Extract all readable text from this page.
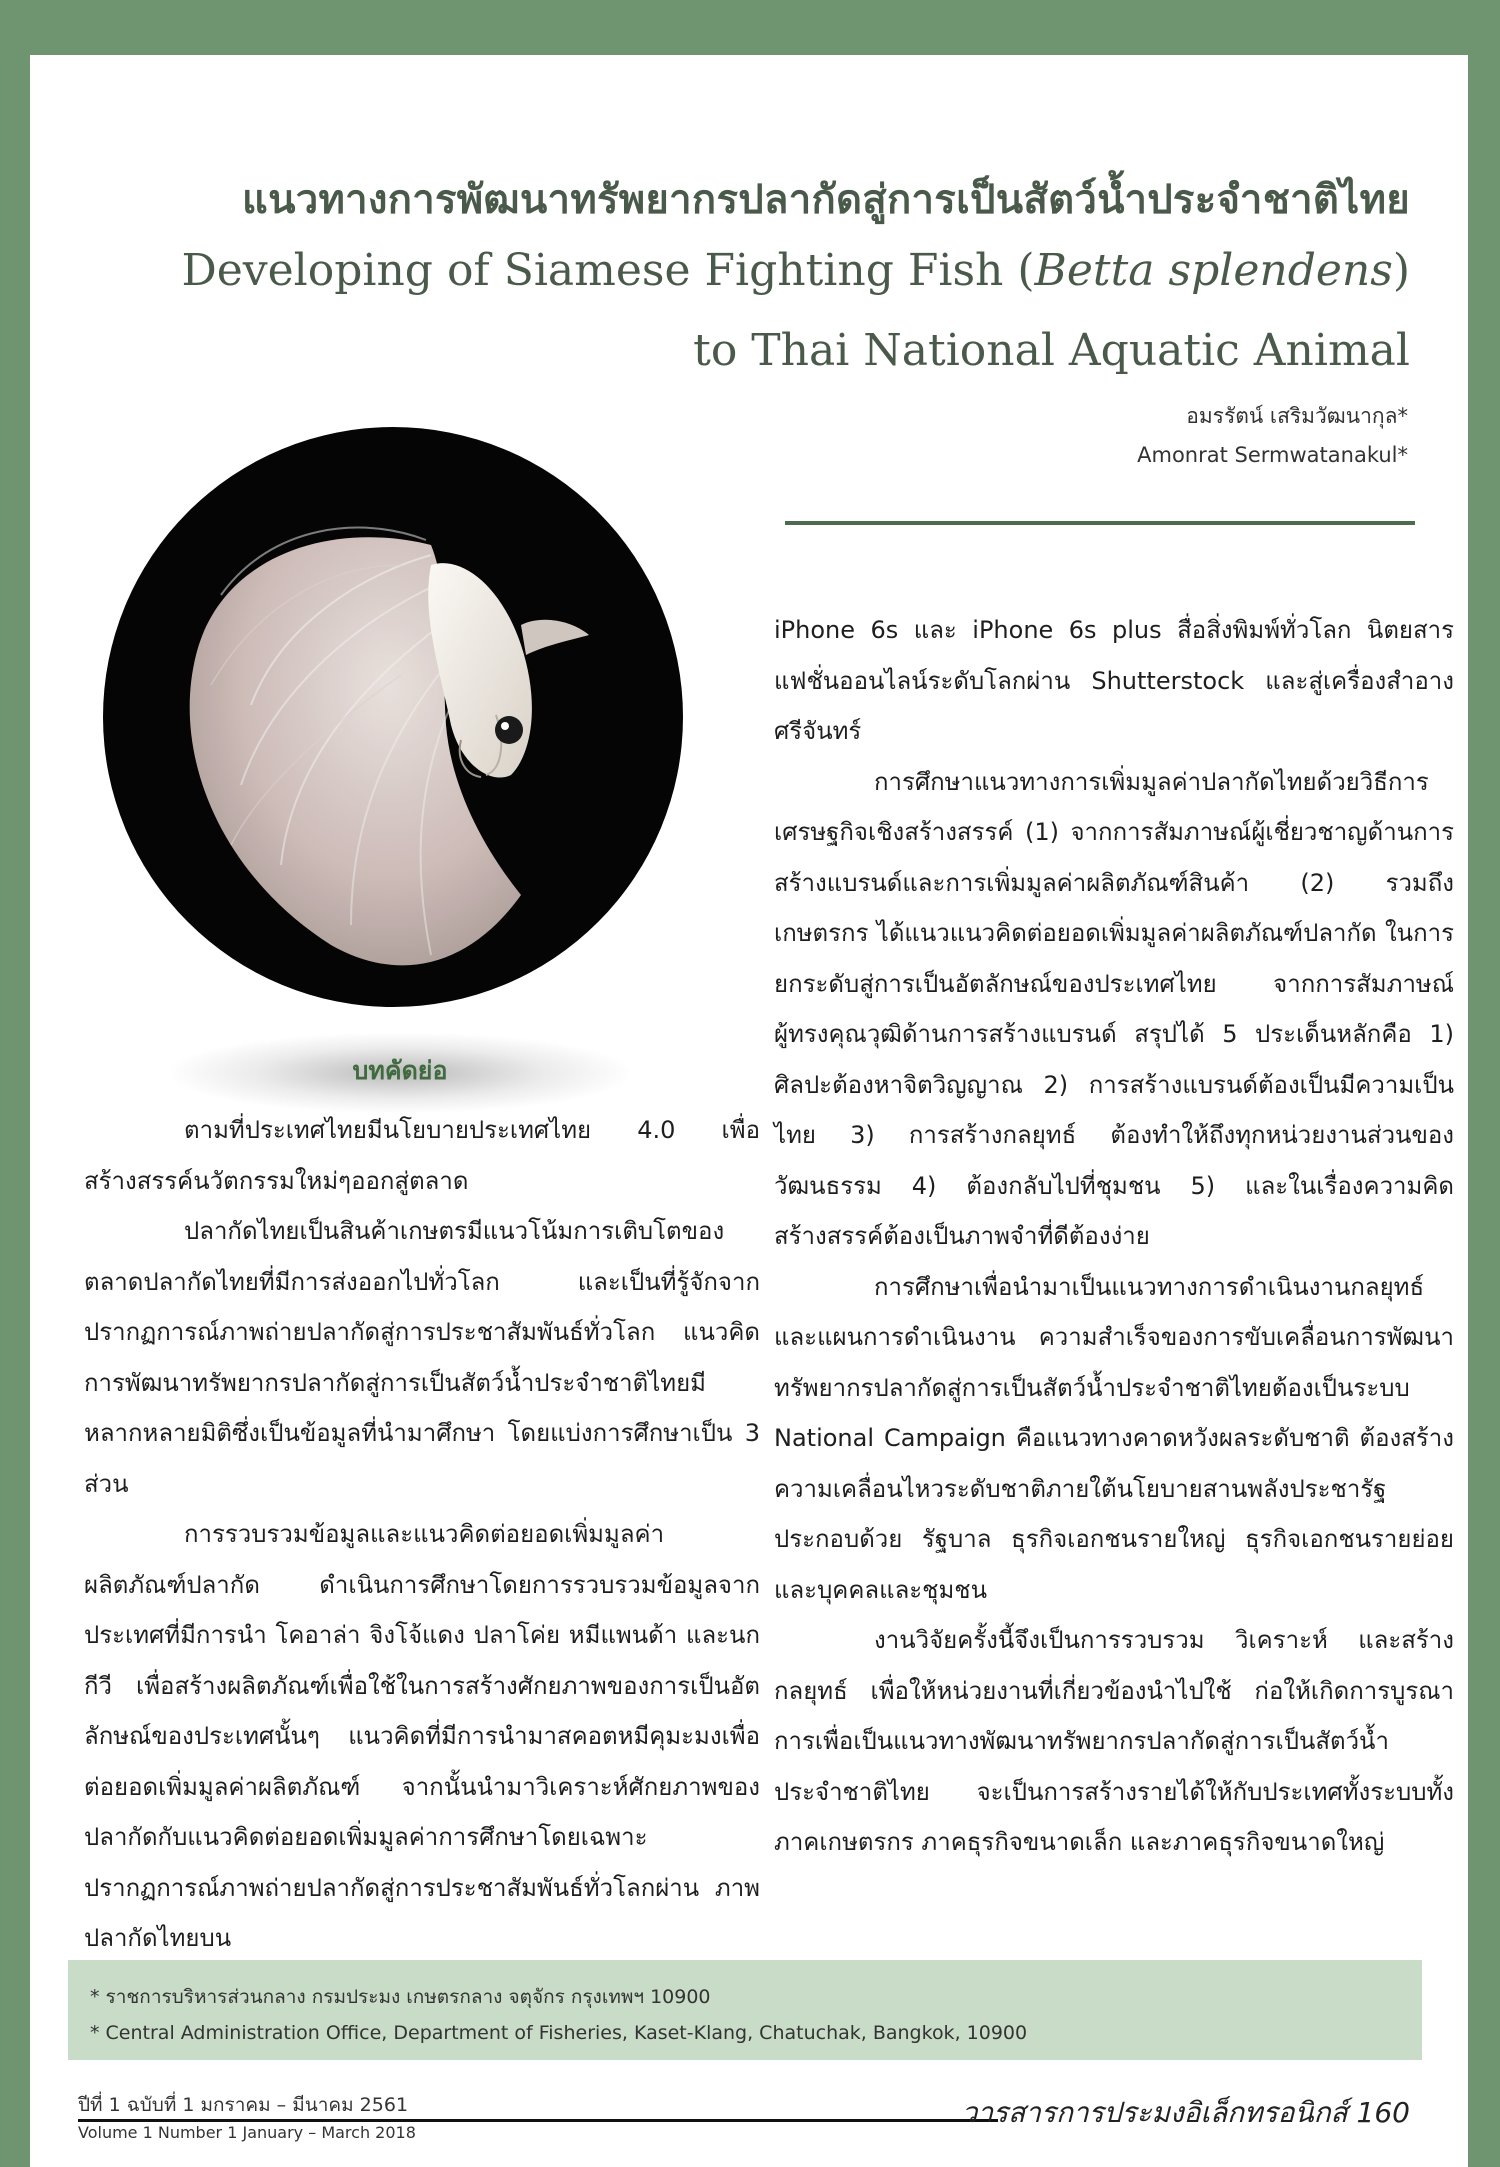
แนวทางการพัฒนาทรัพยากรปลากัดสู่การเป็นสัตว์น้ำประจำชาติไทย
Developing of Siamese Fighting Fish (Betta splendens)
to Thai National Aquatic Animal
อมรรัตน์ เสริมวัฒนากุล*
Amonrat Sermwatanakul*
บทคัดย่อ

ตามที่ประเทศไทยมีนโยบายประเทศไทย 4.0 เพื่อสร้างสรรค์นวัตกรรมใหม่ๆออกสู่ตลาด

ปลากัดไทยเป็นสินค้าเกษตรมีแนวโน้มการเติบโตของตลาดปลากัดไทยที่มีการส่งออกไปทั่วโลก และเป็นที่รู้จักจากปรากฏการณ์ภาพถ่ายปลากัดสู่การประชาสัมพันธ์ทั่วโลก แนวคิดการพัฒนาทรัพยากรปลากัดสู่การเป็นสัตว์น้ำประจำชาติไทยมีหลากหลายมิติซึ่งเป็นข้อมูลที่นำมาศึกษา โดยแบ่งการศึกษาเป็น 3 ส่วน

การรวบรวมข้อมูลและแนวคิดต่อยอดเพิ่มมูลค่าผลิตภัณฑ์ปลากัด ดำเนินการศึกษาโดยการรวบรวมข้อมูลจากประเทศที่มีการนำ โคอาล่า จิงโจ้แดง ปลาโค่ย หมีแพนด้า และนกกีวี เพื่อสร้างผลิตภัณฑ์เพื่อใช้ในการสร้างศักยภาพของการเป็นอัตลักษณ์ของประเทศนั้นๆ แนวคิดที่มีการนำมาสคอตหมีคุมะมงเพื่อต่อยอดเพิ่มมูลค่าผลิตภัณฑ์ จากนั้นนำมาวิเคราะห์ศักยภาพของปลากัดกับแนวคิดต่อยอดเพิ่มมูลค่าการศึกษาโดยเฉพาะปรากฏการณ์ภาพถ่ายปลากัดสู่การประชาสัมพันธ์ทั่วโลกผ่าน ภาพปลากัดไทยบน

iPhone 6s และ iPhone 6s plus สื่อสิ่งพิมพ์ทั่วโลก นิตยสารแฟชั่นออนไลน์ระดับโลกผ่าน Shutterstock และสู่เครื่องสำอางศรีจันทร์

การศึกษาแนวทางการเพิ่มมูลค่าปลากัดไทยด้วยวิธีการเศรษฐกิจเชิงสร้างสรรค์ (1) จากการสัมภาษณ์ผู้เชี่ยวชาญด้านการสร้างแบรนด์และการเพิ่มมูลค่าผลิตภัณฑ์สินค้า (2) รวมถึงเกษตรกร ได้แนวแนวคิดต่อยอดเพิ่มมูลค่าผลิตภัณฑ์ปลากัด ในการยกระดับสู่การเป็นอัตลักษณ์ของประเทศไทย จากการสัมภาษณ์ผู้ทรงคุณวุฒิด้านการสร้างแบรนด์ สรุปได้ 5 ประเด็นหลักคือ 1) ศิลปะต้องหาจิตวิญญาณ 2) การสร้างแบรนด์ต้องเป็นมีความเป็นไทย 3) การสร้างกลยุทธ์ ต้องทำให้ถึงทุกหน่วยงานส่วนของวัฒนธรรม 4) ต้องกลับไปที่ชุมชน 5) และในเรื่องความคิดสร้างสรรค์ต้องเป็นภาพจำที่ดีต้องง่าย

การศึกษาเพื่อนำมาเป็นแนวทางการดำเนินงานกลยุทธ์และแผนการดำเนินงาน ความสำเร็จของการขับเคลื่อนการพัฒนาทรัพยากรปลากัดสู่การเป็นสัตว์น้ำประจำชาติไทยต้องเป็นระบบ National Campaign คือแนวทางคาดหวังผลระดับชาติ ต้องสร้างความเคลื่อนไหวระดับชาติภายใต้นโยบายสานพลังประชารัฐ ประกอบด้วย รัฐบาล ธุรกิจเอกชนรายใหญ่ ธุรกิจเอกชนรายย่อย และบุคคลและชุมชน

งานวิจัยครั้งนี้จึงเป็นการรวบรวม วิเคราะห์ และสร้างกลยุทธ์ เพื่อให้หน่วยงานที่เกี่ยวข้องนำไปใช้ ก่อให้เกิดการบูรณาการเพื่อเป็นแนวทางพัฒนาทรัพยากรปลากัดสู่การเป็นสัตว์น้ำประจำชาติไทย จะเป็นการสร้างรายได้ให้กับประเทศทั้งระบบทั้งภาคเกษตรกร ภาคธุรกิจขนาดเล็ก และภาคธุรกิจขนาดใหญ่

* ราชการบริหารส่วนกลาง กรมประมง เกษตรกลาง จตุจักร กรุงเทพฯ 10900
* Central Administration Office, Department of Fisheries, Kaset-Klang, Chatuchak, Bangkok, 10900
ปีที่ 1 ฉบับที่ 1 มกราคม – มีนาคม 2561
Volume 1 Number 1 January – March 2018
วารสารการประมงอิเล็กทรอนิกส์ 160
